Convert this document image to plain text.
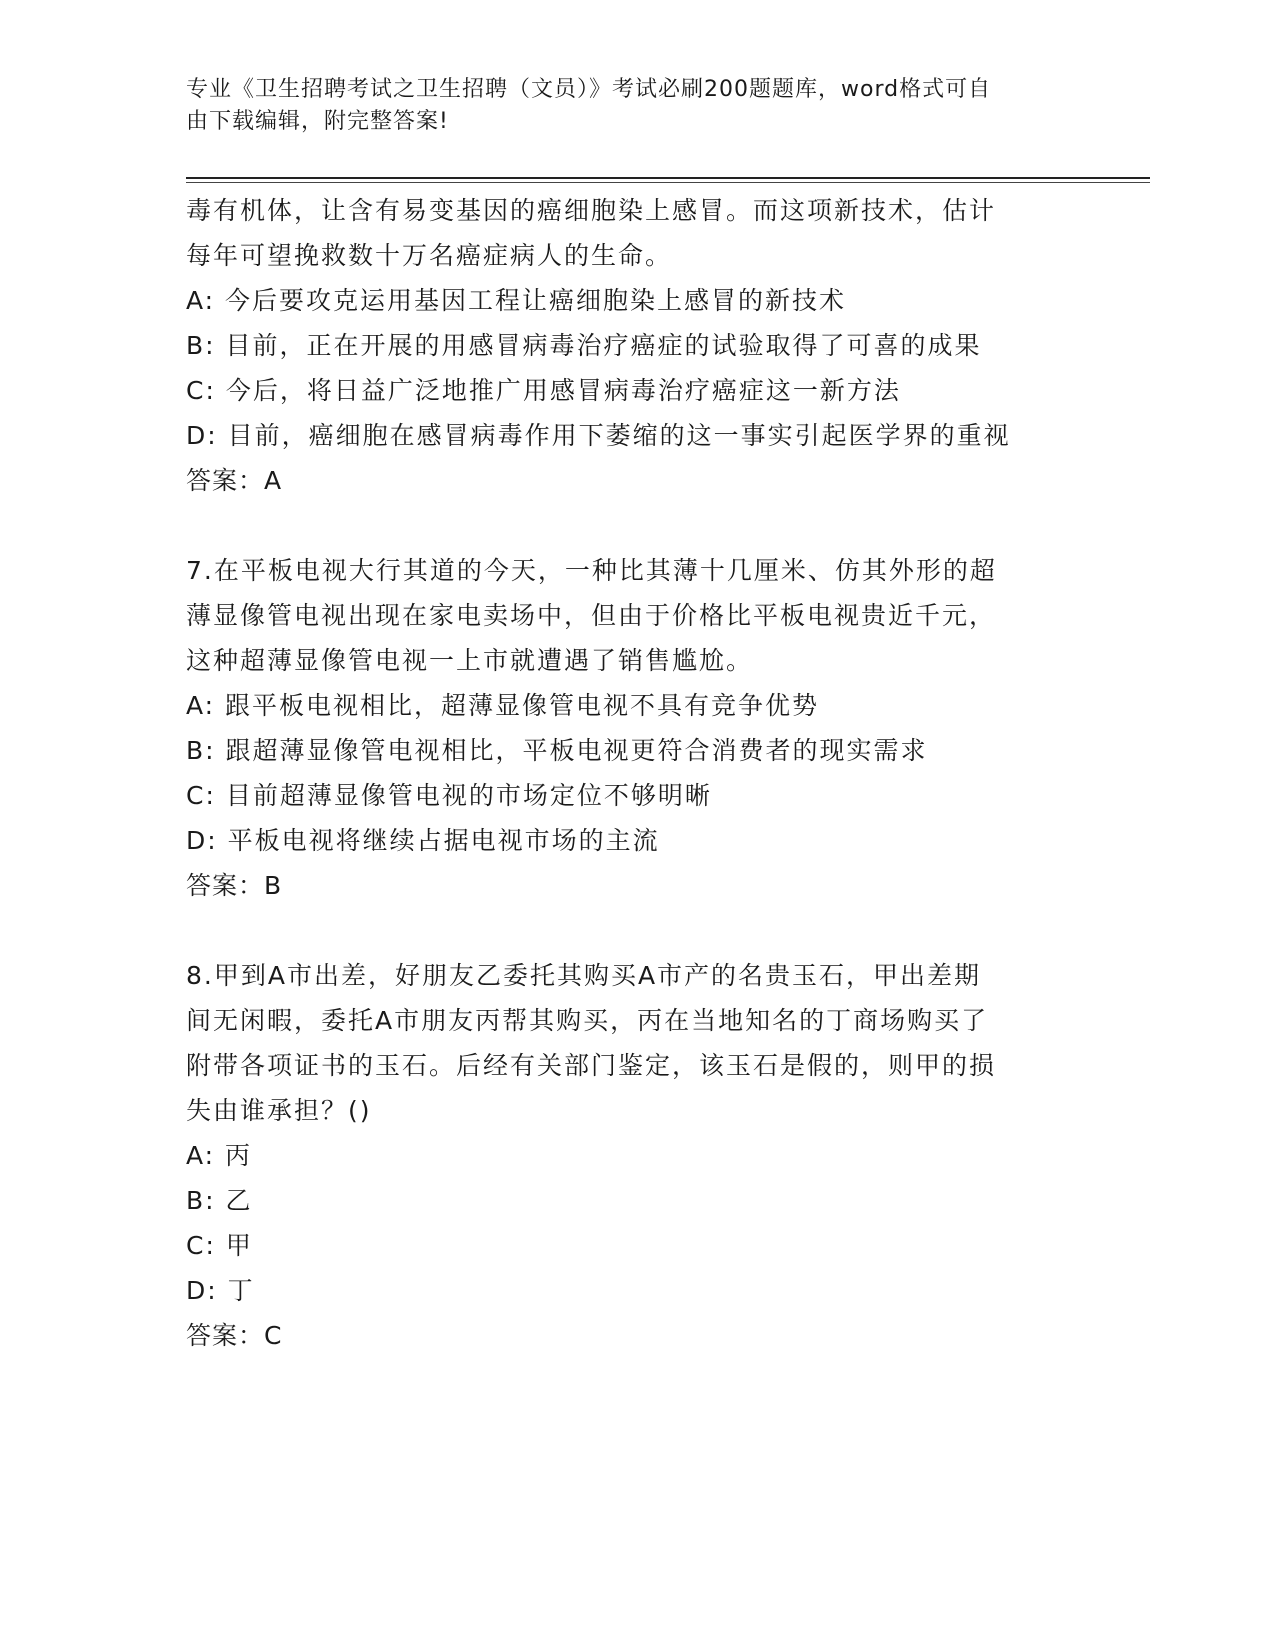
专业《卫生招聘考试之卫生招聘（文员）》考试必刷200题题库，word格式可自
由下载编辑，附完整答案!
毒有机体，让含有易变基因的癌细胞染上感冒。而这项新技术，估计
每年可望挽救数十万名癌症病人的生命。
A: 今后要攻克运用基因工程让癌细胞染上感冒的新技术
B: 目前，正在开展的用感冒病毒治疗癌症的试验取得了可喜的成果
C: 今后，将日益广泛地推广用感冒病毒治疗癌症这一新方法
D: 目前，癌细胞在感冒病毒作用下萎缩的这一事实引起医学界的重视
答案：A
7.在平板电视大行其道的今天，一种比其薄十几厘米、仿其外形的超
薄显像管电视出现在家电卖场中，但由于价格比平板电视贵近千元，
这种超薄显像管电视一上市就遭遇了销售尴尬。
A: 跟平板电视相比，超薄显像管电视不具有竞争优势
B: 跟超薄显像管电视相比，平板电视更符合消费者的现实需求
C: 目前超薄显像管电视的市场定位不够明晰
D: 平板电视将继续占据电视市场的主流
答案：B
8.甲到A市出差，好朋友乙委托其购买A市产的名贵玉石，甲出差期
间无闲暇，委托A市朋友丙帮其购买，丙在当地知名的丁商场购买了
附带各项证书的玉石。后经有关部门鉴定，该玉石是假的，则甲的损
失由谁承担？()
A: 丙
B: 乙
C: 甲
D: 丁
答案：C
